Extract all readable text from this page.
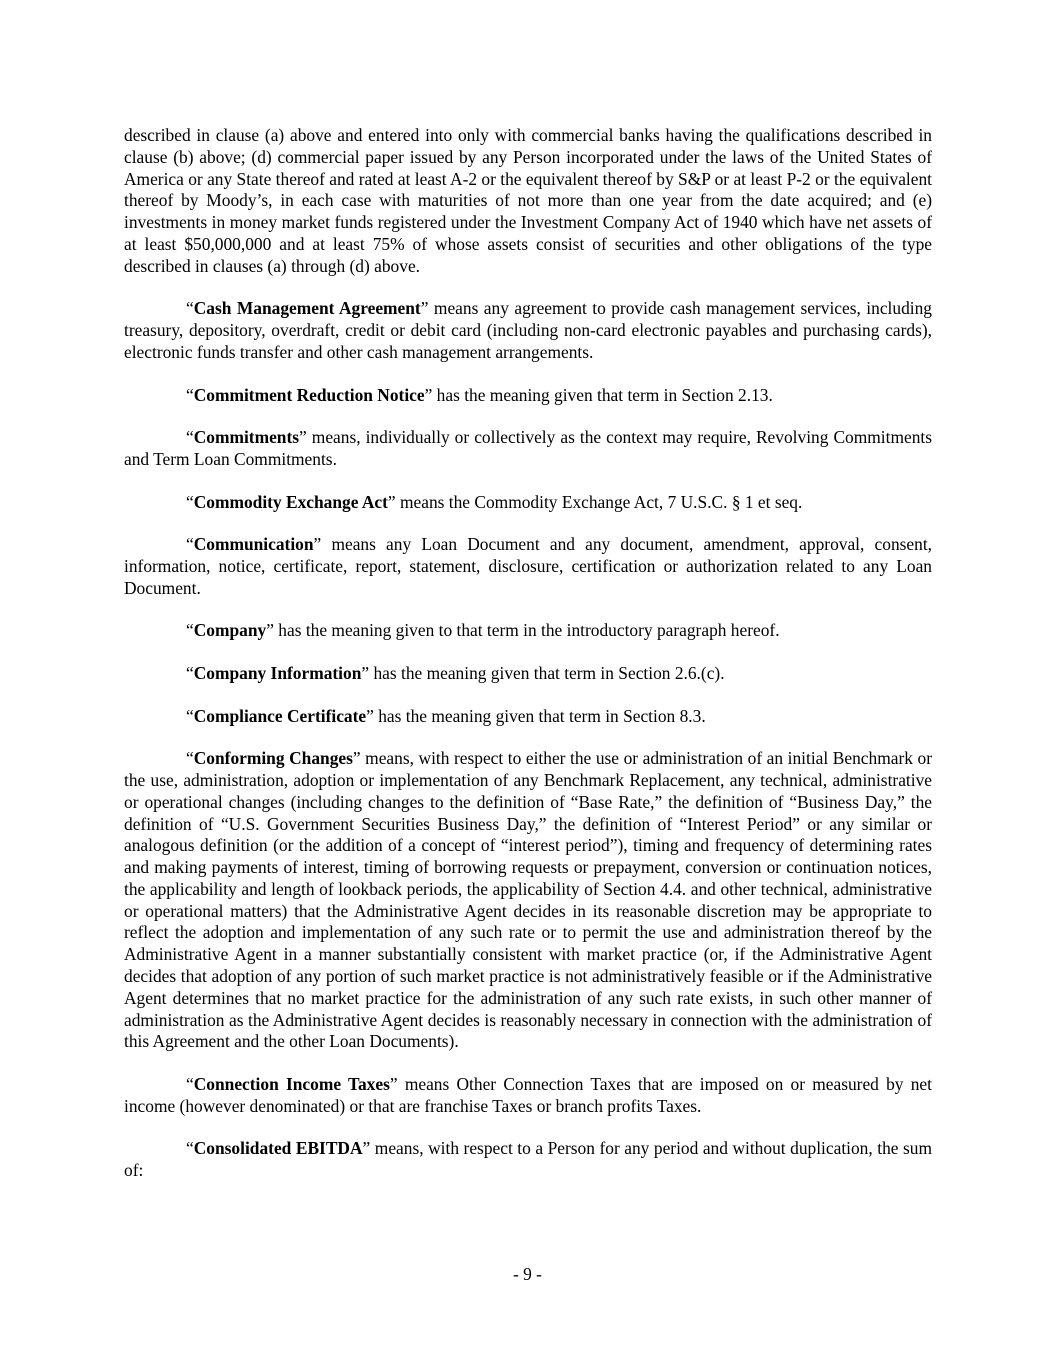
described in clause (a) above and entered into only with commercial banks having the qualifications described in clause (b) above; (d) commercial paper issued by any Person incorporated under the laws of the United States of America or any State thereof and rated at least A-2 or the equivalent thereof by S&P or at least P-2 or the equivalent thereof by Moody’s, in each case with maturities of not more than one year from the date acquired; and (e) investments in money market funds registered under the Investment Company Act of 1940 which have net assets of at least $50,000,000 and at least 75% of whose assets consist of securities and other obligations of the type described in clauses (a) through (d) above.

“Cash Management Agreement” means any agreement to provide cash management services, including treasury, depository, overdraft, credit or debit card (including non-card electronic payables and purchasing cards), electronic funds transfer and other cash management arrangements.

“Commitment Reduction Notice” has the meaning given that term in Section 2.13.

“Commitments” means, individually or collectively as the context may require, Revolving Commitments and Term Loan Commitments.

“Commodity Exchange Act” means the Commodity Exchange Act, 7 U.S.C. § 1 et seq.

“Communication” means any Loan Document and any document, amendment, approval, consent, information, notice, certificate, report, statement, disclosure, certification or authorization related to any Loan Document.

“Company” has the meaning given to that term in the introductory paragraph hereof.

“Company Information” has the meaning given that term in Section 2.6.(c).

“Compliance Certificate” has the meaning given that term in Section 8.3.

“Conforming Changes” means, with respect to either the use or administration of an initial Benchmark or the use, administration, adoption or implementation of any Benchmark Replacement, any technical, administrative or operational changes (including changes to the definition of “Base Rate,” the definition of “Business Day,” the definition of “U.S. Government Securities Business Day,” the definition of “Interest Period” or any similar or analogous definition (or the addition of a concept of “interest period”), timing and frequency of determining rates and making payments of interest, timing of borrowing requests or prepayment, conversion or continuation notices, the applicability and length of lookback periods, the applicability of Section 4.4. and other technical, administrative or operational matters) that the Administrative Agent decides in its reasonable discretion may be appropriate to reflect the adoption and implementation of any such rate or to permit the use and administration thereof by the Administrative Agent in a manner substantially consistent with market practice (or, if the Administrative Agent decides that adoption of any portion of such market practice is not administratively feasible or if the Administrative Agent determines that no market practice for the administration of any such rate exists, in such other manner of administration as the Administrative Agent decides is reasonably necessary in connection with the administration of this Agreement and the other Loan Documents).

“Connection Income Taxes” means Other Connection Taxes that are imposed on or measured by net income (however denominated) or that are franchise Taxes or branch profits Taxes.

“Consolidated EBITDA” means, with respect to a Person for any period and without duplication, the sum of:

- 9 -
